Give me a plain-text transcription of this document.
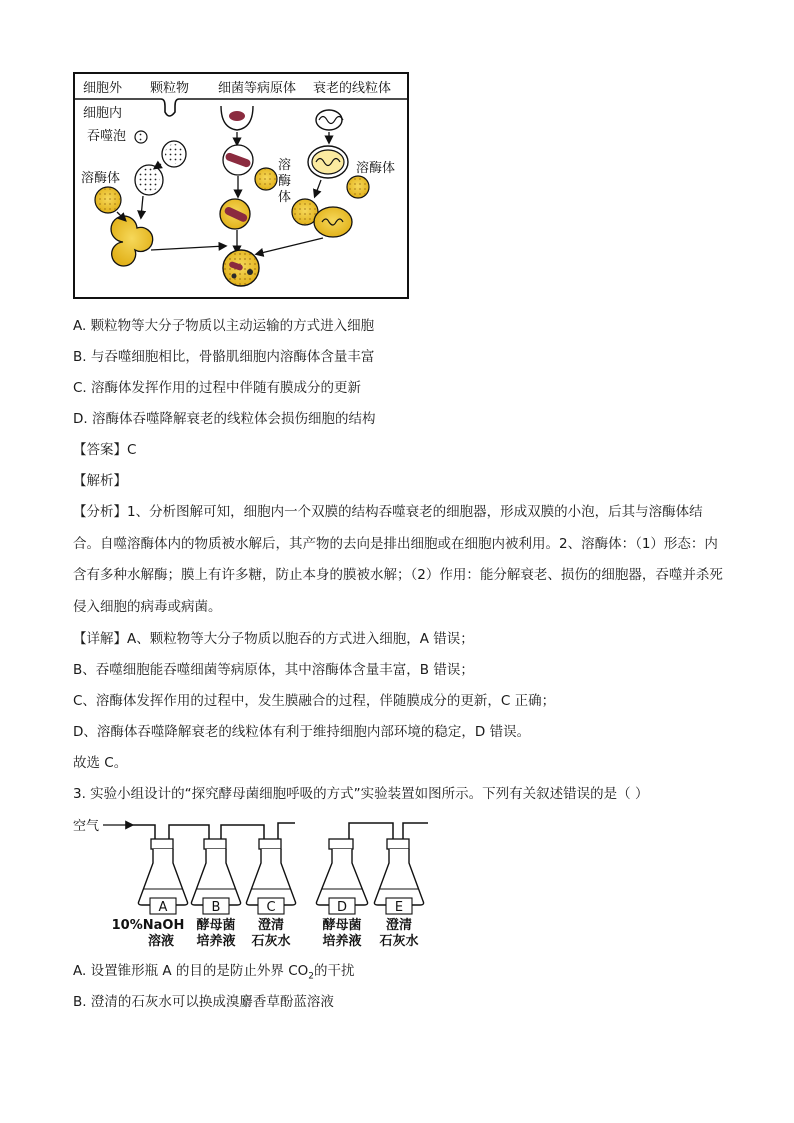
细胞外 颗粒物 细菌等病原体 衰老的线粒体
细胞内
吞噬泡
溶酶体
溶
酶
体
溶酶体
A. 颗粒物等大分子物质以主动运输的方式进入细胞
B. 与吞噬细胞相比，骨骼肌细胞内溶酶体含量丰富
C. 溶酶体发挥作用的过程中伴随有膜成分的更新
D. 溶酶体吞噬降解衰老的线粒体会损伤细胞的结构
【答案】C
【解析】
【分析】1、分析图解可知，细胞内一个双膜的结构吞噬衰老的细胞器，形成双膜的小泡，后其与溶酶体结合。自噬溶酶体内的物质被水解后，其产物的去向是排出细胞或在细胞内被利用。2、溶酶体：（1）形态：内含有多种水解酶；膜上有许多糖，防止本身的膜被水解；（2）作用：能分解衰老、损伤的细胞器，吞噬并杀死侵入细胞的病毒或病菌。
【详解】A、颗粒物等大分子物质以胞吞的方式进入细胞，A 错误；
B、吞噬细胞能吞噬细菌等病原体，其中溶酶体含量丰富，B 错误；
C、溶酶体发挥作用的过程中，发生膜融合的过程，伴随膜成分的更新，C 正确；
D、溶酶体吞噬降解衰老的线粒体有利于维持细胞内部环境的稳定，D 错误。
故选 C。
3. 实验小组设计的“探究酵母菌细胞呼吸的方式”实验装置如图所示。下列有关叙述错误的是（ ）
空气
A	B	C	D	E
10%NaOH
溶液
酵母菌
培养液
澄清
石灰水
酵母菌
培养液
澄清
石灰水
A. 设置锥形瓶 A 的目的是防止外界 $CO_2$的干扰
B. 澄清的石灰水可以换成溴麝香草酚蓝溶液
